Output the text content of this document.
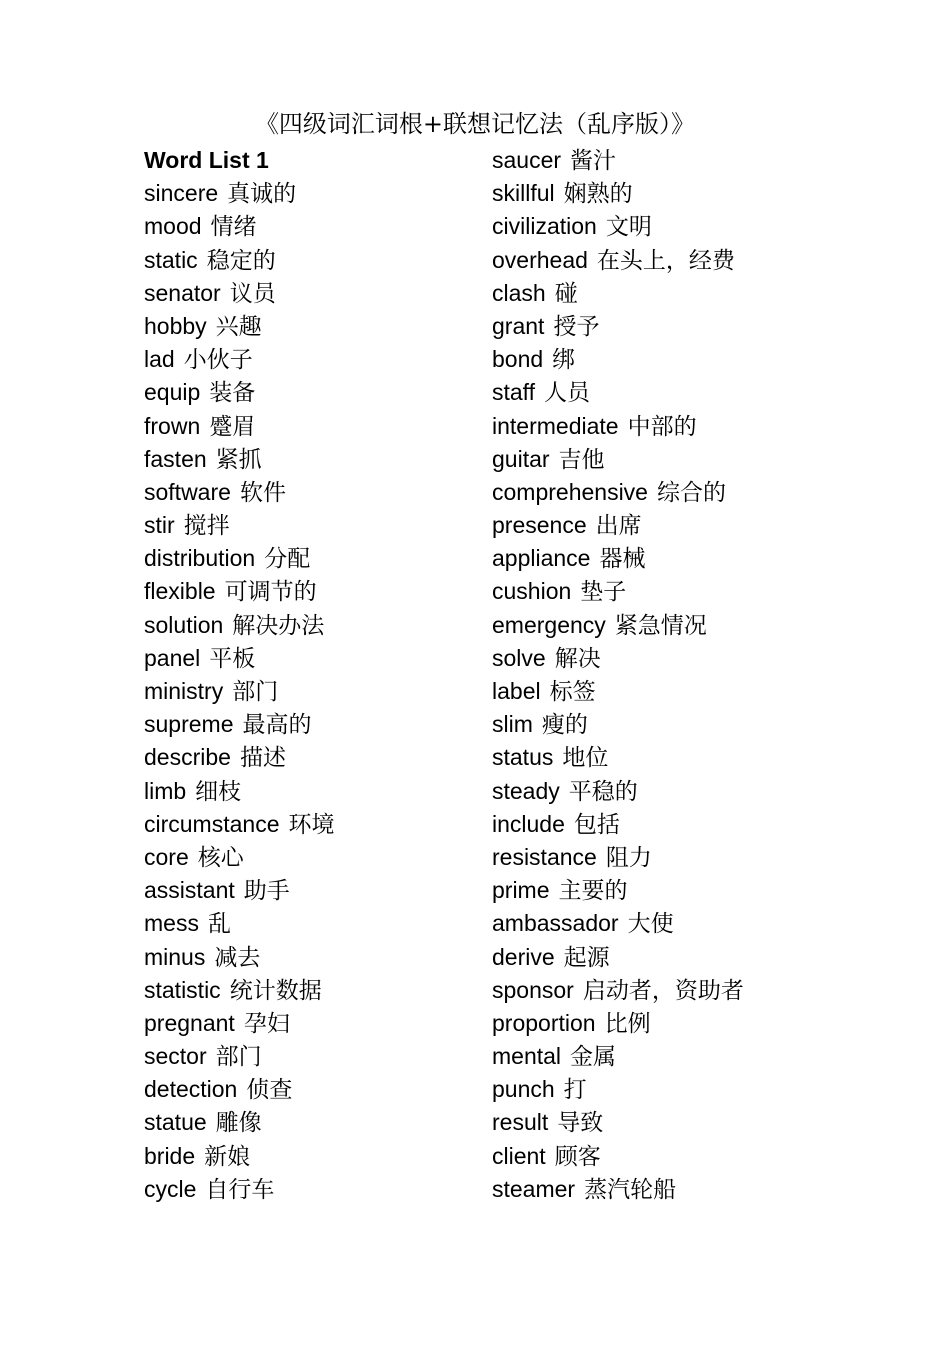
《四级词汇词根+联想记忆法（乱序版）》
Word List 1
sincere 真诚的
mood 情绪
static 稳定的
senator 议员
hobby 兴趣
lad 小伙子
equip 装备
frown 蹙眉
fasten 紧抓
software 软件
stir 搅拌
distribution 分配
flexible 可调节的
solution 解决办法
panel 平板
ministry 部门
supreme 最高的
describe 描述
limb 细枝
circumstance 环境
core 核心
assistant 助手
mess 乱
minus 减去
statistic 统计数据
pregnant 孕妇
sector 部门
detection 侦查
statue 雕像
bride 新娘
cycle 自行车
saucer 酱汁
skillful 娴熟的
civilization 文明
overhead 在头上，经费
clash 碰
grant 授予
bond 绑
staff 人员
intermediate 中部的
guitar 吉他
comprehensive 综合的
presence 出席
appliance 器械
cushion 垫子
emergency 紧急情况
solve 解决
label 标签
slim 瘦的
status 地位
steady 平稳的
include 包括
resistance 阻力
prime 主要的
ambassador 大使
derive 起源
sponsor 启动者，资助者
proportion 比例
mental 金属
punch 打
result 导致
client 顾客
steamer 蒸汽轮船
